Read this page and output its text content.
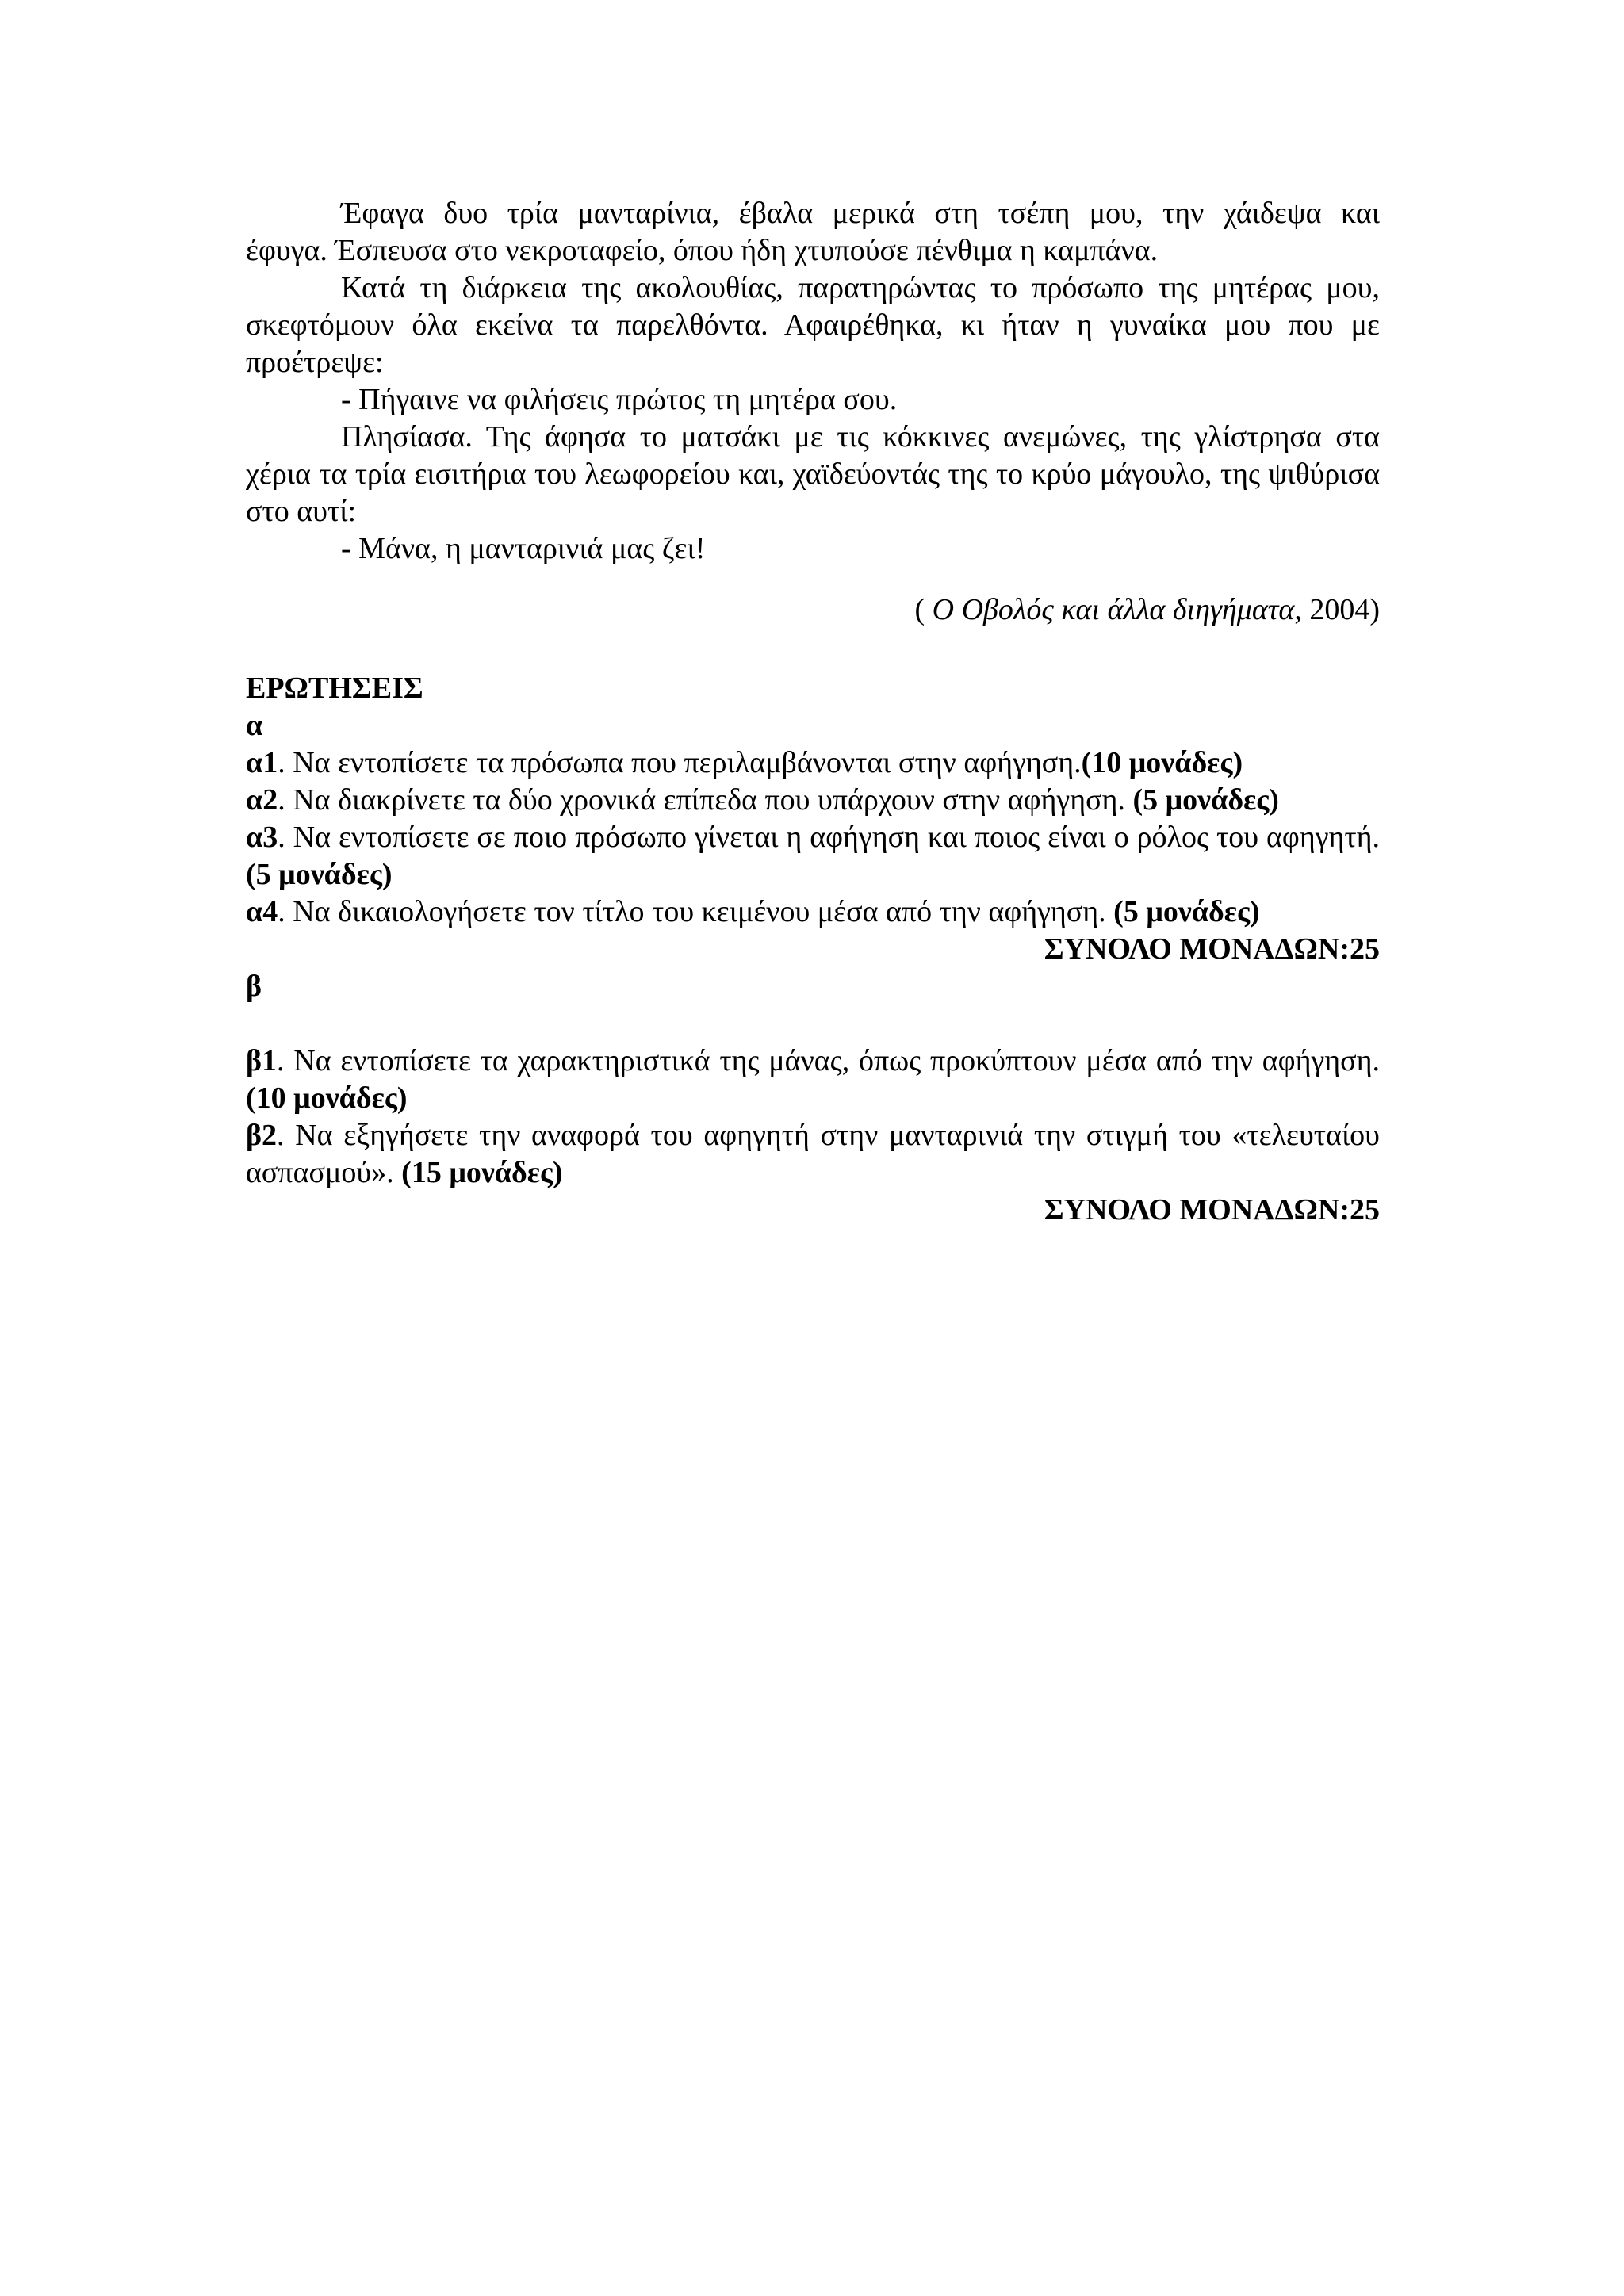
Έφαγα δυο τρία μανταρίνια, έβαλα μερικά στη τσέπη μου, την χάιδεψα και

έφυγα. Έσπευσα στο νεκροταφείο, όπου ήδη χτυπούσε πένθιμα η καμπάνα.

Κατά τη διάρκεια της ακολουθίας, παρατηρώντας το πρόσωπο της μητέρας μου, σκεφτόμουν όλα εκείνα τα παρελθόντα. Αφαιρέθηκα, κι ήταν η γυναίκα μου που με προέτρεψε:

- Πήγαινε να φιλήσεις πρώτος τη μητέρα σου.

Πλησίασα. Της άφησα το ματσάκι με τις κόκκινες ανεμώνες, της γλίστρησα στα χέρια τα τρία εισιτήρια του λεωφορείου και, χαϊδεύοντάς της το κρύο μάγουλο, της ψιθύρισα στο αυτί:

- Μάνα, η μανταρινιά μας ζει!

( Ο Οβολός και άλλα διηγήματα, 2004)

ΕΡΩΤΗΣΕΙΣ

α

α1. Να εντοπίσετε τα πρόσωπα που περιλαμβάνονται στην αφήγηση.(10 μονάδες)

α2. Να διακρίνετε τα δύο χρονικά επίπεδα που υπάρχουν στην αφήγηση. (5 μονάδες)

α3. Να εντοπίσετε σε ποιο πρόσωπο γίνεται η αφήγηση και ποιος είναι ο ρόλος του αφηγητή. (5 μονάδες)

α4. Να δικαιολογήσετε τον τίτλο του κειμένου μέσα από την αφήγηση. (5 μονάδες)

ΣΥΝΟΛΟ ΜΟΝΑΔΩΝ:25

β

β1. Να εντοπίσετε τα χαρακτηριστικά της μάνας, όπως προκύπτουν μέσα από την αφήγηση. (10 μονάδες)

β2. Να εξηγήσετε την αναφορά του αφηγητή στην μανταρινιά την στιγμή του «τελευταίου ασπασμού». (15 μονάδες)

ΣΥΝΟΛΟ ΜΟΝΑΔΩΝ:25
